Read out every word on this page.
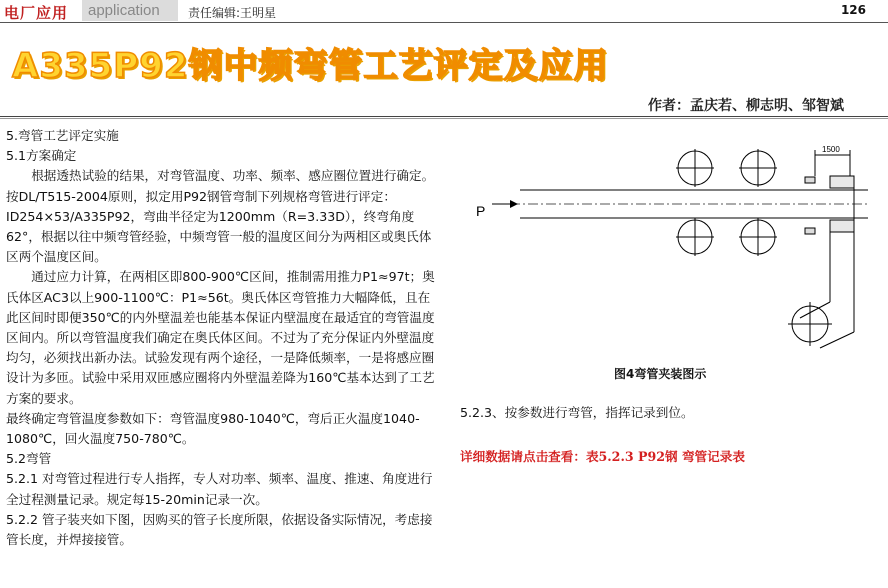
电厂应用	application	责任编辑:王明星	126
A335P92钢中频弯管工艺评定及应用
作者：孟庆若、柳志明、邹智斌

5.弯管工艺评定实施

5.1方案确定

根据透热试验的结果，对弯管温度、功率、频率、感应圈位置进行确定。按DL/T515-2004原则，拟定用P92钢管弯制下列规格弯管进行评定：ID254×53/A335P92，弯曲半径定为1200mm（R=3.33D），终弯角度62°，根据以往中频弯管经验，中频弯管一般的温度区间分为两相区或奥氏体区两个温度区间。

通过应力计算，在两相区即800-900℃区间，推制需用推力P1≈97t；奥氏体区AC3以上900-1100℃：P1≈56t。奥氏体区弯管推力大幅降低，且在此区间时即便350℃的内外壁温差也能基本保证内壁温度在最适宜的弯管温度区间内。所以弯管温度我们确定在奥氏体区间。不过为了充分保证内外壁温度均匀，必须找出新办法。试验发现有两个途径，一是降低频率，一是将感应圈设计为多匝。试验中采用双匝感应圈将内外壁温差降为160℃基本达到了工艺方案的要求。

最终确定弯管温度参数如下：弯管温度980-1040℃，弯后正火温度1040-1080℃，回火温度750-780℃。

5.2弯管

5.2.1 对弯管过程进行专人指挥，专人对功率、频率、温度、推速、角度进行全过程测量记录。规定每15-20min记录一次。

5.2.2 管子装夹如下图，因购买的管子长度所限，依据设备实际情况，考虑接管长度，并焊接接管。

P
1500
图4弯管夹装图示
5.2.3、按参数进行弯管，指挥记录到位。
详细数据请点击查看：表5.2.3 P92钢 弯管记录表
